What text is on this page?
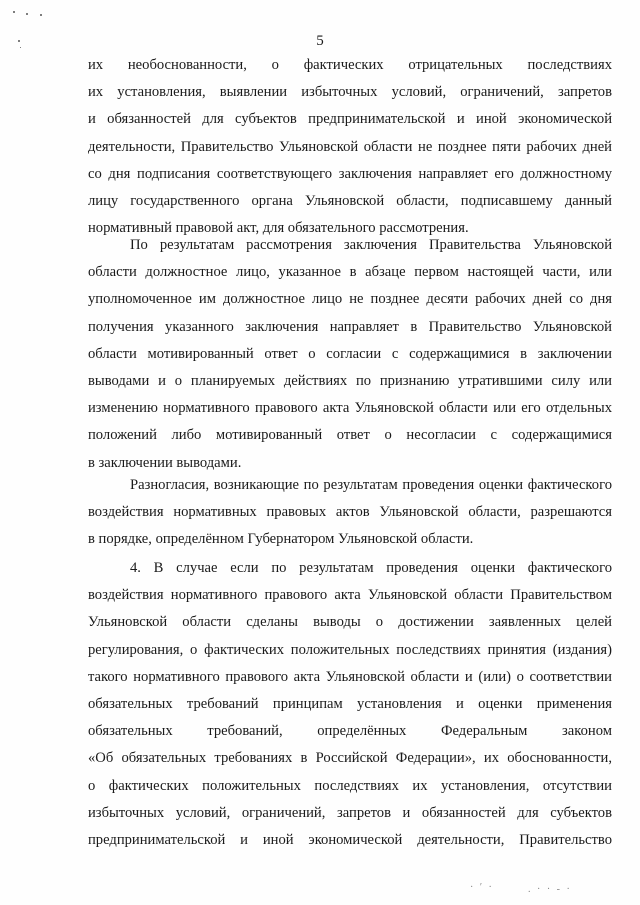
· ′ ·	. · · - ·
5
их необоснованности, о фактических отрицательных последствиях
их установления, выявлении избыточных условий, ограничений, запретов
и обязанностей для субъектов предпринимательской и иной экономической
деятельности, Правительство Ульяновской области не позднее пяти рабочих дней
со дня подписания соответствующего заключения направляет его должностному
лицу государственного органа Ульяновской области, подписавшему данный
нормативный правовой акт, для обязательного рассмотрения.
По результатам рассмотрения заключения Правительства Ульяновской
области должностное лицо, указанное в абзаце первом настоящей части, или
уполномоченное им должностное лицо не позднее десяти рабочих дней со дня
получения указанного заключения направляет в Правительство Ульяновской
области мотивированный ответ о согласии с содержащимися в заключении
выводами и о планируемых действиях по признанию утратившими силу или
изменению нормативного правового акта Ульяновской области или его отдельных
положений либо мотивированный ответ о несогласии с содержащимися
в заключении выводами.
Разногласия, возникающие по результатам проведения оценки фактического
воздействия нормативных правовых актов Ульяновской области, разрешаются
в порядке, определённом Губернатором Ульяновской области.
4. В случае если по результатам проведения оценки фактического
воздействия нормативного правового акта Ульяновской области Правительством
Ульяновской области сделаны выводы о достижении заявленных целей
регулирования, о фактических положительных последствиях принятия (издания)
такого нормативного правового акта Ульяновской области и (или) о соответствии
обязательных требований принципам установления и оценки применения
обязательных требований, определённых Федеральным законом
«Об обязательных требованиях в Российской Федерации», их обоснованности,
о фактических положительных последствиях их установления, отсутствии
избыточных условий, ограничений, запретов и обязанностей для субъектов
предпринимательской и иной экономической деятельности, Правительство
